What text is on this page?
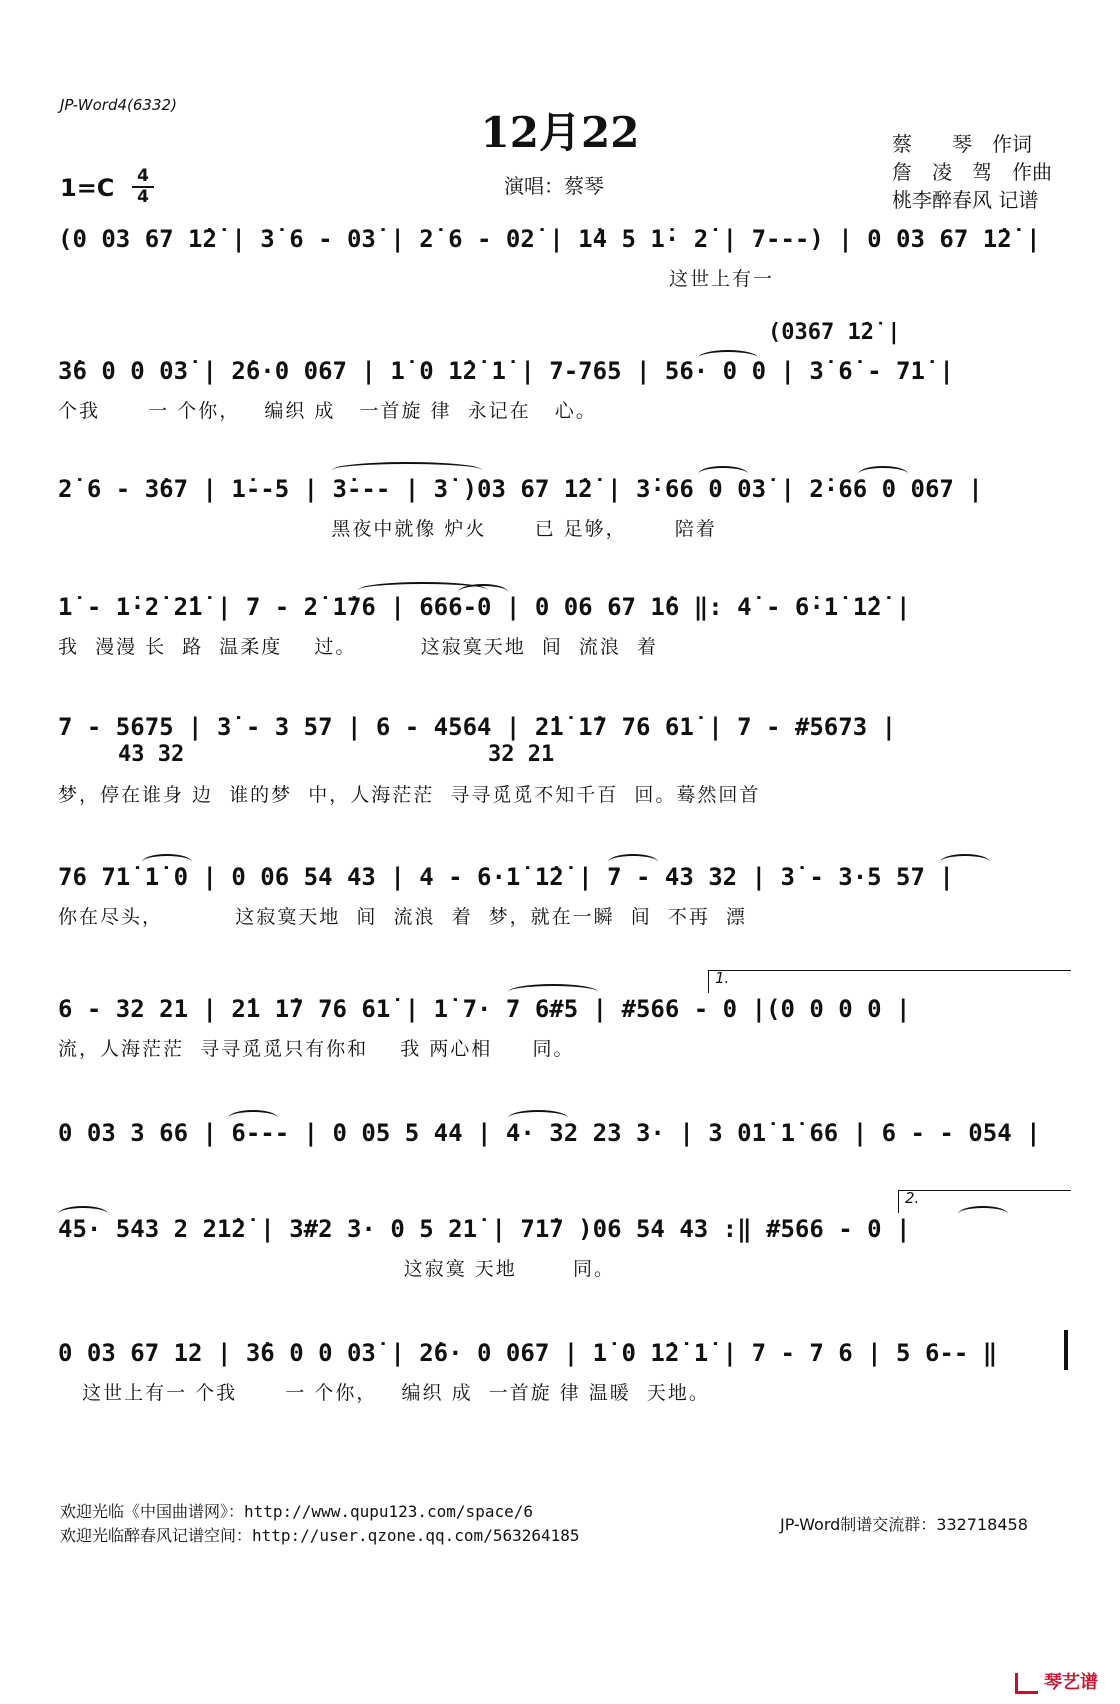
JP-Word4(6332)
12月22
1=C 4
4	演唱：蔡琴
蔡　　琴　作词
詹　凌　驾　作曲
桃李醉春风 记谱
(0 03 67 1̇2̇ | 3̇ 6 - 03̇ | 2̇ 6 - 02̇ | 1̇4 5 1̇· 2̇ | 7---) | 0 03 67 1̇2̇ |
这世上有一
(0367 1̇2̇ |
3̇6 0 0 03̇ | 2̇6·0 067 | 1̇ 0 1̇2̇ 1̇ | 7-765 | 56· 0 0 | 3̇ 6̇ - 71̇ |
个我      一 个你，   编织 成   一首旋 律  永记在   心。
2̇ 6 - 3̇67 | 1̇--5 | 3̇--- | 3̇ )03 67 1̇2̇ | 3̇·66 0 03̇ | 2̇·66 0 067 |
黑夜中就像 炉火      已 足够，      陪着
1̇ - 1̇·2̇ 2̇1̇ | 7 - 2̇ 1̇76 | 666-0 | 0 06 67 1̇6 ‖: 4̇ - 6̇·1̇ 1̇2̇ |
我  漫漫 长  路  温柔度    过。        这寂寞天地  间  流浪  着
7 - 5675 | 3̇ - 3 57 | 6 - 4564 | 2̇1̇ 1̇7 76 61̇ | 7 - #5673 |
43 32	32 21
梦，停在谁身 边  谁的梦  中，人海茫茫  寻寻觅觅不知千百  回。蓦然回首
76 71̇ 1̇ 0 | 0 06 54 43 | 4 - 6·1̇ 1̇2̇ | 7 - 43 32 | 3̇ - 3·5 57 |
你在尽头，         这寂寞天地  间  流浪  着  梦，就在一瞬  间  不再  漂
1.
6 - 32 21 | 2̇1 1̇7 76 61̇ | 1̇ 7· 7 6#5 | #566 - 0 |(0 0 0 0 |
流，人海茫茫  寻寻觅觅只有你和    我 两心相     同。
0 03 3 66 | 6--- | 0 05 5 44 | 4· 32 23 3· | 3 01̇ 1̇ 66 | 6 - - 054 |
2.
45· 543 2 21̇2̇ | 3#2 3· 0 5 21̇ | 71̇7 )06 54 43 :‖ #566 - 0 |
这寂寞 天地       同。
0 03 67 12 | 3̇6 0 0 03̇ | 2̇6· 0 067 | 1̇ 0 1̇2̇ 1̇ | 7 - 7 6 | 5 6-- ‖
这世上有一 个我      一 个你，   编织 成  一首旋 律 温暖  天地。
欢迎光临《中国曲谱网》：http://www.qupu123.com/space/6
欢迎光临醉春风记谱空间：http://user.qzone.qq.com/563264185
JP-Word制谱交流群：332718458
琴艺谱
